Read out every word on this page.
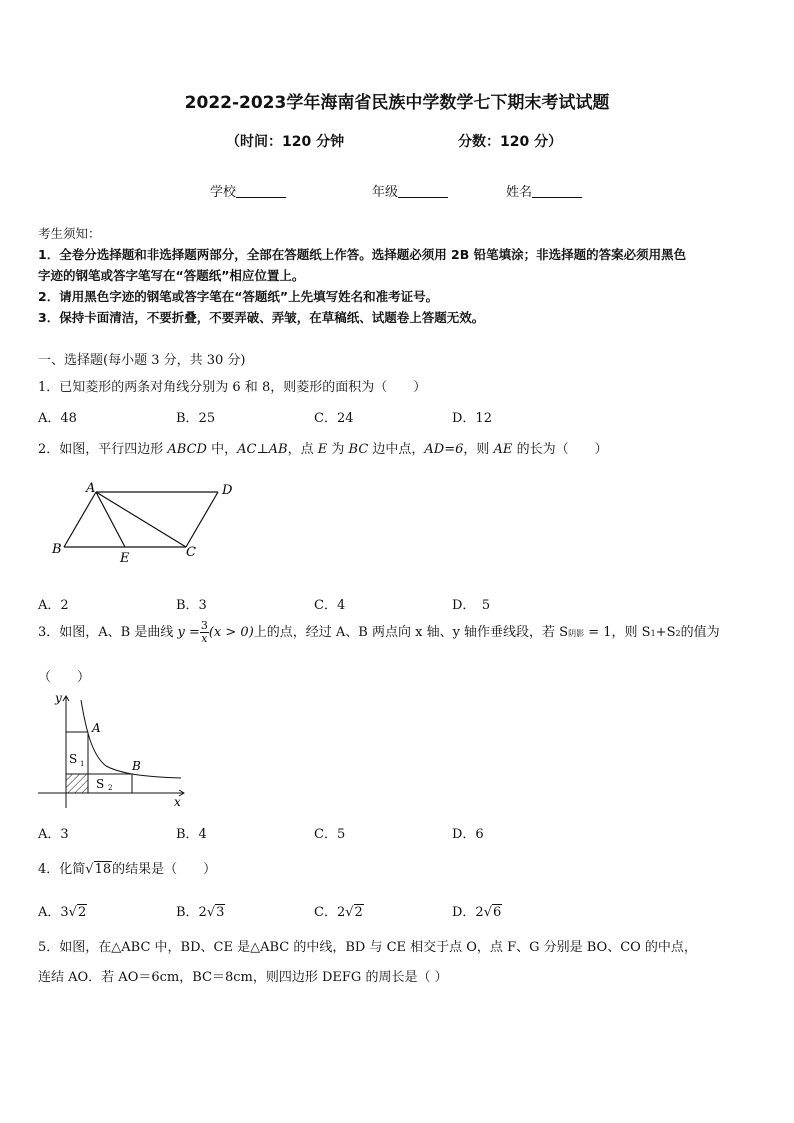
2022-2023学年海南省民族中学数学七下期末考试试题
（时间：120 分钟	分数：120 分）
学校	年级	姓名
考生须知：
1．全卷分选择题和非选择题两部分，全部在答题纸上作答。选择题必须用 2B 铅笔填涂；非选择题的答案必须用黑色
字迹的钢笔或答字笔写在“答题纸”相应位置上。
2．请用黑色字迹的钢笔或答字笔在“答题纸”上先填写姓名和准考证号。
3．保持卡面清洁，不要折叠，不要弄破、弄皱，在草稿纸、试题卷上答题无效。
一、选择题(每小题 3 分，共 30 分)
1．已知菱形的两条对角线分别为 6 和 8，则菱形的面积为（　　）
A．48	B．25	C．24	D．12
2．如图，平行四边形 ABCD 中，AC⊥AB，点 E 为 BC 边中点，AD=6，则 AE 的长为（　　）
A	D
B
E	C
A．2	B．3	C．4	D．　5
3．如图，A、B 是曲线 $y = \frac{3}{x} (x > 0)$上的点，经过 A、B 两点向 x 轴、y 轴作垂线段，若 S阴影 = 1，则 S1+S2的值为
（　　）
y
x
A
B
S 1
S 2
A．3	B．4	C．5	D．6
4．化简√18的结果是（　　）
A．3√2	B．2√3	C．2√2	D．2√6
5．如图，在△ABC 中，BD、CE 是△ABC 的中线，BD 与 CE 相交于点 O，点 F、G 分别是 BO、CO 的中点，
连结 AO．若 AO＝6cm，BC＝8cm，则四边形 DEFG 的周长是（ ）
